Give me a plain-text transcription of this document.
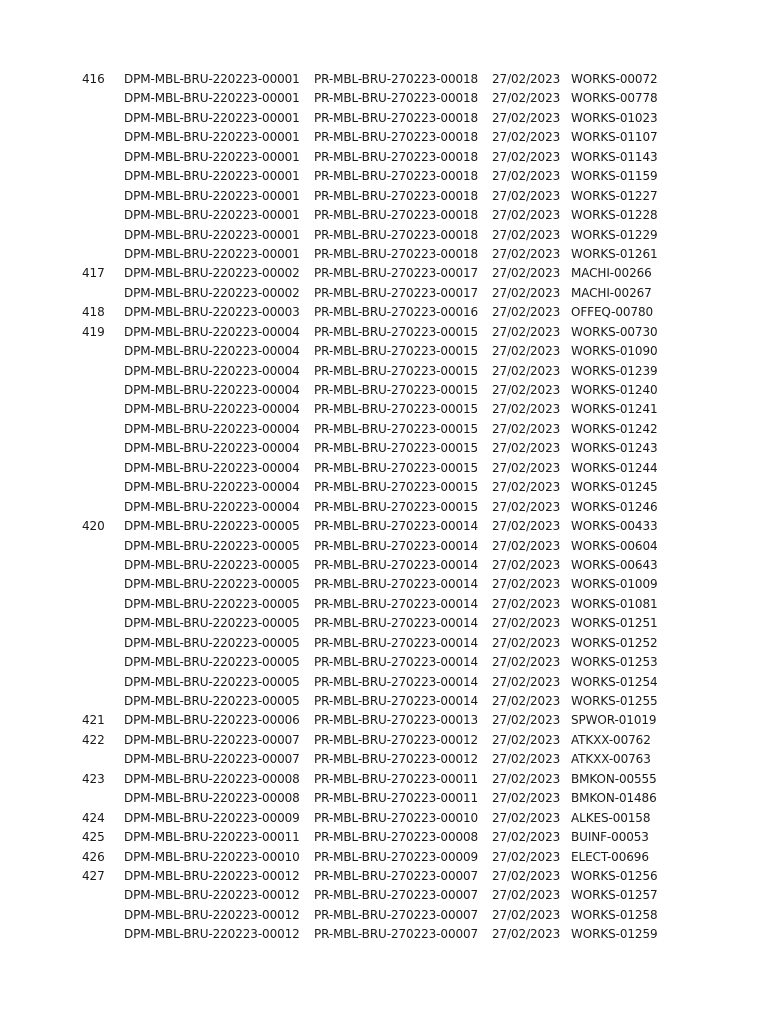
416 DPM-MBL-BRU-220223-00001 PR-MBL-BRU-270223-00018 27/02/2023 WORKS-00072
DPM-MBL-BRU-220223-00001 PR-MBL-BRU-270223-00018 27/02/2023 WORKS-00778
DPM-MBL-BRU-220223-00001 PR-MBL-BRU-270223-00018 27/02/2023 WORKS-01023
DPM-MBL-BRU-220223-00001 PR-MBL-BRU-270223-00018 27/02/2023 WORKS-01107
DPM-MBL-BRU-220223-00001 PR-MBL-BRU-270223-00018 27/02/2023 WORKS-01143
DPM-MBL-BRU-220223-00001 PR-MBL-BRU-270223-00018 27/02/2023 WORKS-01159
DPM-MBL-BRU-220223-00001 PR-MBL-BRU-270223-00018 27/02/2023 WORKS-01227
DPM-MBL-BRU-220223-00001 PR-MBL-BRU-270223-00018 27/02/2023 WORKS-01228
DPM-MBL-BRU-220223-00001 PR-MBL-BRU-270223-00018 27/02/2023 WORKS-01229
DPM-MBL-BRU-220223-00001 PR-MBL-BRU-270223-00018 27/02/2023 WORKS-01261
417 DPM-MBL-BRU-220223-00002 PR-MBL-BRU-270223-00017 27/02/2023 MACHI-00266
DPM-MBL-BRU-220223-00002 PR-MBL-BRU-270223-00017 27/02/2023 MACHI-00267
418 DPM-MBL-BRU-220223-00003 PR-MBL-BRU-270223-00016 27/02/2023 OFFEQ-00780
419 DPM-MBL-BRU-220223-00004 PR-MBL-BRU-270223-00015 27/02/2023 WORKS-00730
DPM-MBL-BRU-220223-00004 PR-MBL-BRU-270223-00015 27/02/2023 WORKS-01090
DPM-MBL-BRU-220223-00004 PR-MBL-BRU-270223-00015 27/02/2023 WORKS-01239
DPM-MBL-BRU-220223-00004 PR-MBL-BRU-270223-00015 27/02/2023 WORKS-01240
DPM-MBL-BRU-220223-00004 PR-MBL-BRU-270223-00015 27/02/2023 WORKS-01241
DPM-MBL-BRU-220223-00004 PR-MBL-BRU-270223-00015 27/02/2023 WORKS-01242
DPM-MBL-BRU-220223-00004 PR-MBL-BRU-270223-00015 27/02/2023 WORKS-01243
DPM-MBL-BRU-220223-00004 PR-MBL-BRU-270223-00015 27/02/2023 WORKS-01244
DPM-MBL-BRU-220223-00004 PR-MBL-BRU-270223-00015 27/02/2023 WORKS-01245
DPM-MBL-BRU-220223-00004 PR-MBL-BRU-270223-00015 27/02/2023 WORKS-01246
420 DPM-MBL-BRU-220223-00005 PR-MBL-BRU-270223-00014 27/02/2023 WORKS-00433
DPM-MBL-BRU-220223-00005 PR-MBL-BRU-270223-00014 27/02/2023 WORKS-00604
DPM-MBL-BRU-220223-00005 PR-MBL-BRU-270223-00014 27/02/2023 WORKS-00643
DPM-MBL-BRU-220223-00005 PR-MBL-BRU-270223-00014 27/02/2023 WORKS-01009
DPM-MBL-BRU-220223-00005 PR-MBL-BRU-270223-00014 27/02/2023 WORKS-01081
DPM-MBL-BRU-220223-00005 PR-MBL-BRU-270223-00014 27/02/2023 WORKS-01251
DPM-MBL-BRU-220223-00005 PR-MBL-BRU-270223-00014 27/02/2023 WORKS-01252
DPM-MBL-BRU-220223-00005 PR-MBL-BRU-270223-00014 27/02/2023 WORKS-01253
DPM-MBL-BRU-220223-00005 PR-MBL-BRU-270223-00014 27/02/2023 WORKS-01254
DPM-MBL-BRU-220223-00005 PR-MBL-BRU-270223-00014 27/02/2023 WORKS-01255
421 DPM-MBL-BRU-220223-00006 PR-MBL-BRU-270223-00013 27/02/2023 SPWOR-01019
422 DPM-MBL-BRU-220223-00007 PR-MBL-BRU-270223-00012 27/02/2023 ATKXX-00762
DPM-MBL-BRU-220223-00007 PR-MBL-BRU-270223-00012 27/02/2023 ATKXX-00763
423 DPM-MBL-BRU-220223-00008 PR-MBL-BRU-270223-00011 27/02/2023 BMKON-00555
DPM-MBL-BRU-220223-00008 PR-MBL-BRU-270223-00011 27/02/2023 BMKON-01486
424 DPM-MBL-BRU-220223-00009 PR-MBL-BRU-270223-00010 27/02/2023 ALKES-00158
425 DPM-MBL-BRU-220223-00011 PR-MBL-BRU-270223-00008 27/02/2023 BUINF-00053
426 DPM-MBL-BRU-220223-00010 PR-MBL-BRU-270223-00009 27/02/2023 ELECT-00696
427 DPM-MBL-BRU-220223-00012 PR-MBL-BRU-270223-00007 27/02/2023 WORKS-01256
DPM-MBL-BRU-220223-00012 PR-MBL-BRU-270223-00007 27/02/2023 WORKS-01257
DPM-MBL-BRU-220223-00012 PR-MBL-BRU-270223-00007 27/02/2023 WORKS-01258
DPM-MBL-BRU-220223-00012 PR-MBL-BRU-270223-00007 27/02/2023 WORKS-01259
